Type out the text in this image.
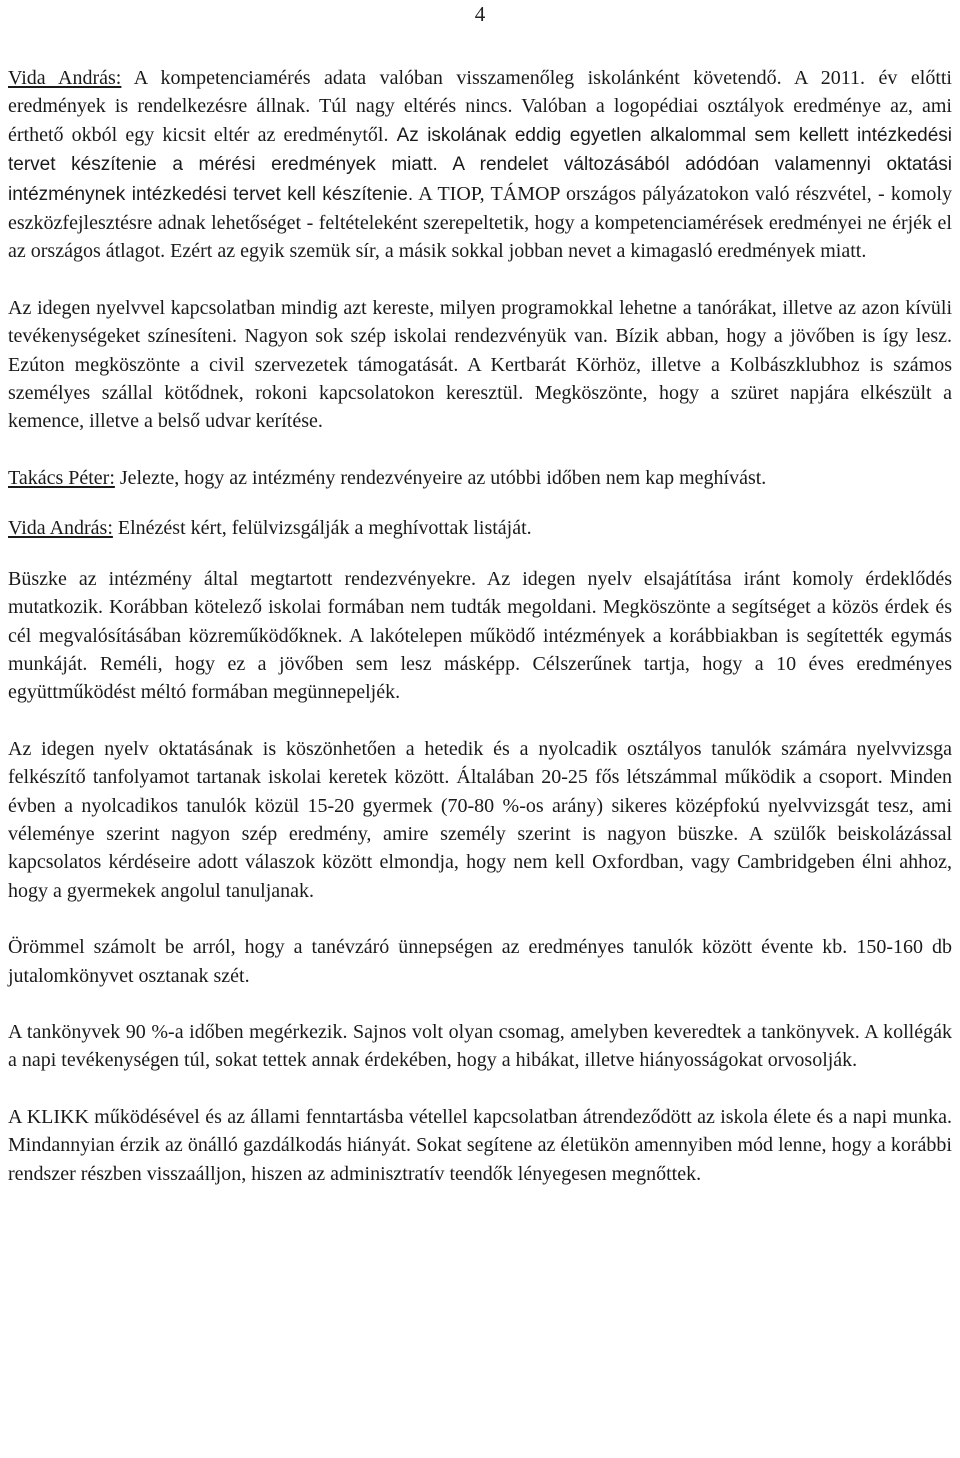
4

Vida András: A kompetenciamérés adata valóban visszamenőleg iskolánként követendő. A 2011. év előtti eredmények is rendelkezésre állnak. Túl nagy eltérés nincs. Valóban a logopédiai osztályok eredménye az, ami érthető okból egy kicsit eltér az eredménytől. Az iskolának eddig egyetlen alkalommal sem kellett intézkedési tervet készítenie a mérési eredmények miatt. A rendelet változásából adódóan valamennyi oktatási intézménynek intézkedési tervet kell készítenie. A TIOP, TÁMOP országos pályázatokon való részvétel, - komoly eszközfejlesztésre adnak lehetőséget - feltételeként szerepeltetik, hogy a kompetenciamérések eredményei ne érjék el az országos átlagot. Ezért az egyik szemük sír, a másik sokkal jobban nevet a kimagasló eredmények miatt.

Az idegen nyelvvel kapcsolatban mindig azt kereste, milyen programokkal lehetne a tanórákat, illetve az azon kívüli tevékenységeket színesíteni. Nagyon sok szép iskolai rendezvényük van. Bízik abban, hogy a jövőben is így lesz. Ezúton megköszönte a civil szervezetek támogatását. A Kertbarát Körhöz, illetve a Kolbászklubhoz is számos személyes szállal kötődnek, rokoni kapcsolatokon keresztül. Megköszönte, hogy a szüret napjára elkészült a kemence, illetve a belső udvar kerítése.

Takács Péter: Jelezte, hogy az intézmény rendezvényeire az utóbbi időben nem kap meghívást.

Vida András: Elnézést kért, felülvizsgálják a meghívottak listáját.

Büszke az intézmény által megtartott rendezvényekre. Az idegen nyelv elsajátítása iránt komoly érdeklődés mutatkozik. Korábban kötelező iskolai formában nem tudták megoldani. Megköszönte a segítséget a közös érdek és cél megvalósításában közreműködőknek. A lakótelepen működő intézmények a korábbiakban is segítették egymás munkáját. Reméli, hogy ez a jövőben sem lesz másképp. Célszerűnek tartja, hogy a 10 éves eredményes együttműködést méltó formában megünnepeljék.

Az idegen nyelv oktatásának is köszönhetően a hetedik és a nyolcadik osztályos tanulók számára nyelvvizsga felkészítő tanfolyamot tartanak iskolai keretek között. Általában 20-25 fős létszámmal működik a csoport. Minden évben a nyolcadikos tanulók közül 15-20 gyermek (70-80 %-os arány) sikeres középfokú nyelvvizsgát tesz, ami véleménye szerint nagyon szép eredmény, amire személy szerint is nagyon büszke. A szülők beiskolázással kapcsolatos kérdéseire adott válaszok között elmondja, hogy nem kell Oxfordban, vagy Cambridgeben élni ahhoz, hogy a gyermekek angolul tanuljanak.

Örömmel számolt be arról, hogy a tanévzáró ünnepségen az eredményes tanulók között évente kb. 150-160 db jutalomkönyvet osztanak szét.

A tankönyvek 90 %-a időben megérkezik. Sajnos volt olyan csomag, amelyben keveredtek a tankönyvek. A kollégák a napi tevékenységen túl, sokat tettek annak érdekében, hogy a hibákat, illetve hiányosságokat orvosolják.

A KLIKK működésével és az állami fenntartásba vétellel kapcsolatban átrendeződött az iskola élete és a napi munka. Mindannyian érzik az önálló gazdálkodás hiányát. Sokat segítene az életükön amennyiben mód lenne, hogy a korábbi rendszer részben visszaálljon, hiszen az adminisztratív teendők lényegesen megnőttek.
